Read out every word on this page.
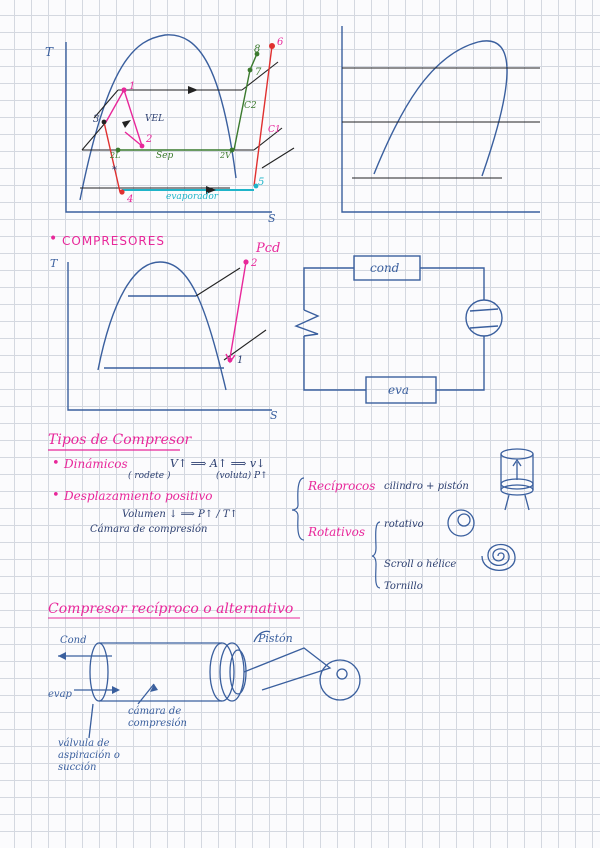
T
S
1
2
3
4
5
6
7
8
2L	2V
VEL
Sep
C2
C1
evaporador
*
• COMPRESORES
T
S
Pcd
2
1
cond
eva
Tipos de Compresor
• Dinámicos	V↑ ⟹ A↑ ⟹ v↓
( rodete )	(voluta) P↑
• Desplazamiento positivo
Volumen ↓ ⟹ P↑ / T↑
Cámara de compresión
Recíprocos cilindro + pistón
Rotativos
rotativo
Scroll o hélice
Tornillo
Compresor recíproco o alternativo
Cond
evap
Pistón
cámara de compresión
válvula de aspiración o succión
